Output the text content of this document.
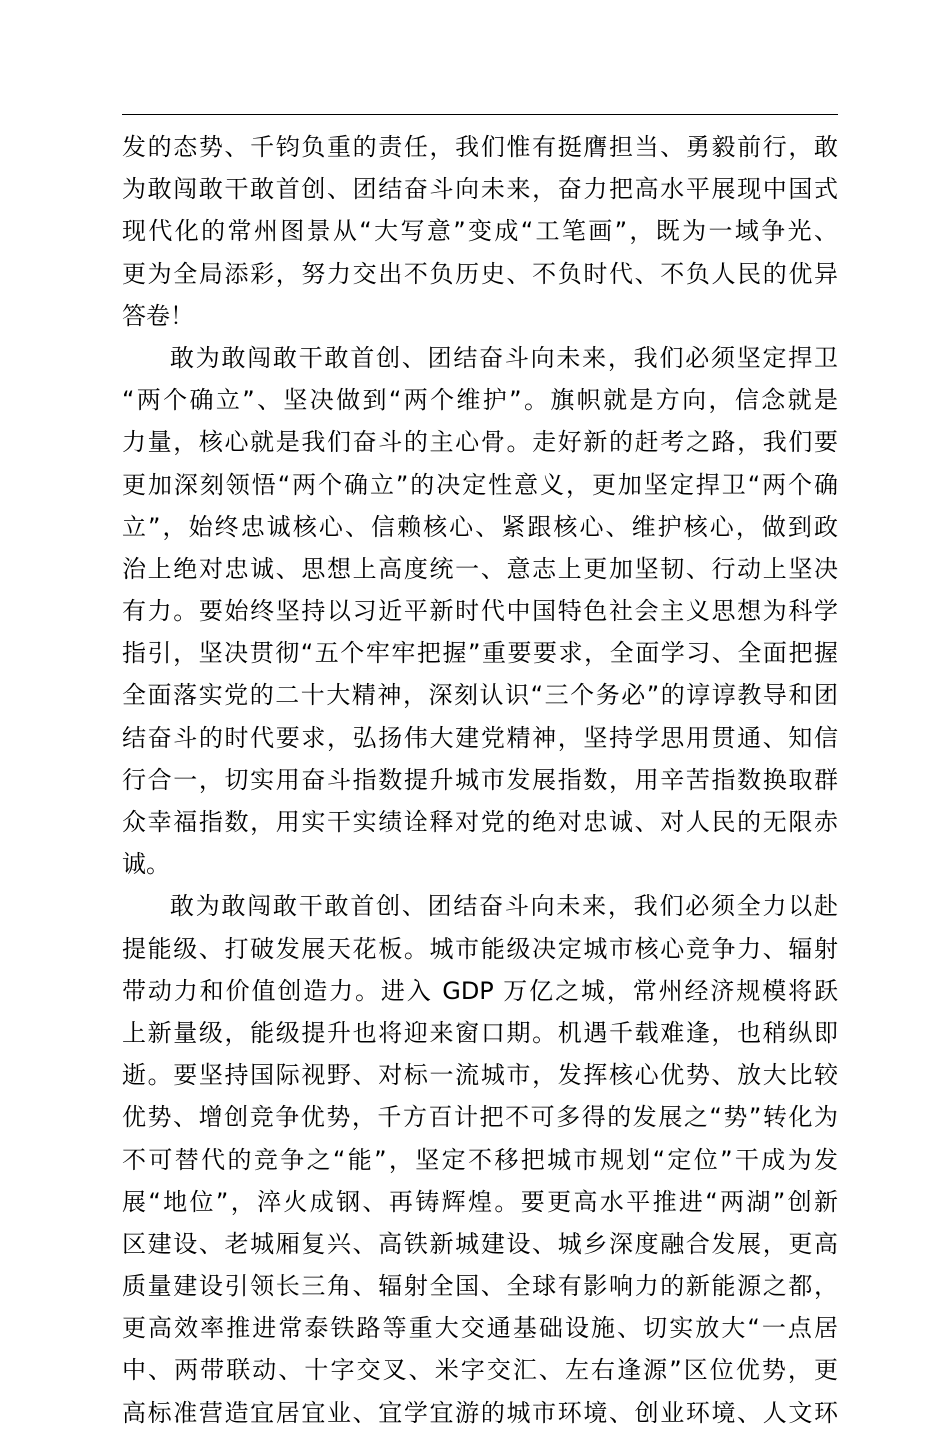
发的态势、千钧负重的责任，我们惟有挺膺担当、勇毅前行，敢
为敢闯敢干敢首创、团结奋斗向未来，奋力把高水平展现中国式
现代化的常州图景从“大写意”变成“工笔画”，既为一域争光、
更为全局添彩，努力交出不负历史、不负时代、不负人民的优异
答卷！
敢为敢闯敢干敢首创、团结奋斗向未来，我们必须坚定捍卫
“两个确立”、坚决做到“两个维护”。旗帜就是方向，信念就是
力量，核心就是我们奋斗的主心骨。走好新的赶考之路，我们要
更加深刻领悟“两个确立”的决定性意义，更加坚定捍卫“两个确
立”，始终忠诚核心、信赖核心、紧跟核心、维护核心，做到政
治上绝对忠诚、思想上高度统一、意志上更加坚韧、行动上坚决
有力。要始终坚持以习近平新时代中国特色社会主义思想为科学
指引，坚决贯彻“五个牢牢把握”重要要求，全面学习、全面把握
全面落实党的二十大精神，深刻认识“三个务必”的谆谆教导和团
结奋斗的时代要求，弘扬伟大建党精神，坚持学思用贯通、知信
行合一，切实用奋斗指数提升城市发展指数，用辛苦指数换取群
众幸福指数，用实干实绩诠释对党的绝对忠诚、对人民的无限赤
诚。
敢为敢闯敢干敢首创、团结奋斗向未来，我们必须全力以赴
提能级、打破发展天花板。城市能级决定城市核心竞争力、辐射
带动力和价值创造力。进入 GDP 万亿之城，常州经济规模将跃
上新量级，能级提升也将迎来窗口期。机遇千载难逢，也稍纵即
逝。要坚持国际视野、对标一流城市，发挥核心优势、放大比较
优势、增创竞争优势，千方百计把不可多得的发展之“势”转化为
不可替代的竞争之“能”，坚定不移把城市规划“定位”干成为发
展“地位”，淬火成钢、再铸辉煌。要更高水平推进“两湖”创新
区建设、老城厢复兴、高铁新城建设、城乡深度融合发展，更高
质量建设引领长三角、辐射全国、全球有影响力的新能源之都，
更高效率推进常泰铁路等重大交通基础设施、切实放大“一点居
中、两带联动、十字交叉、米字交汇、左右逢源”区位优势，更
高标准营造宜居宜业、宜学宜游的城市环境、创业环境、人文环
